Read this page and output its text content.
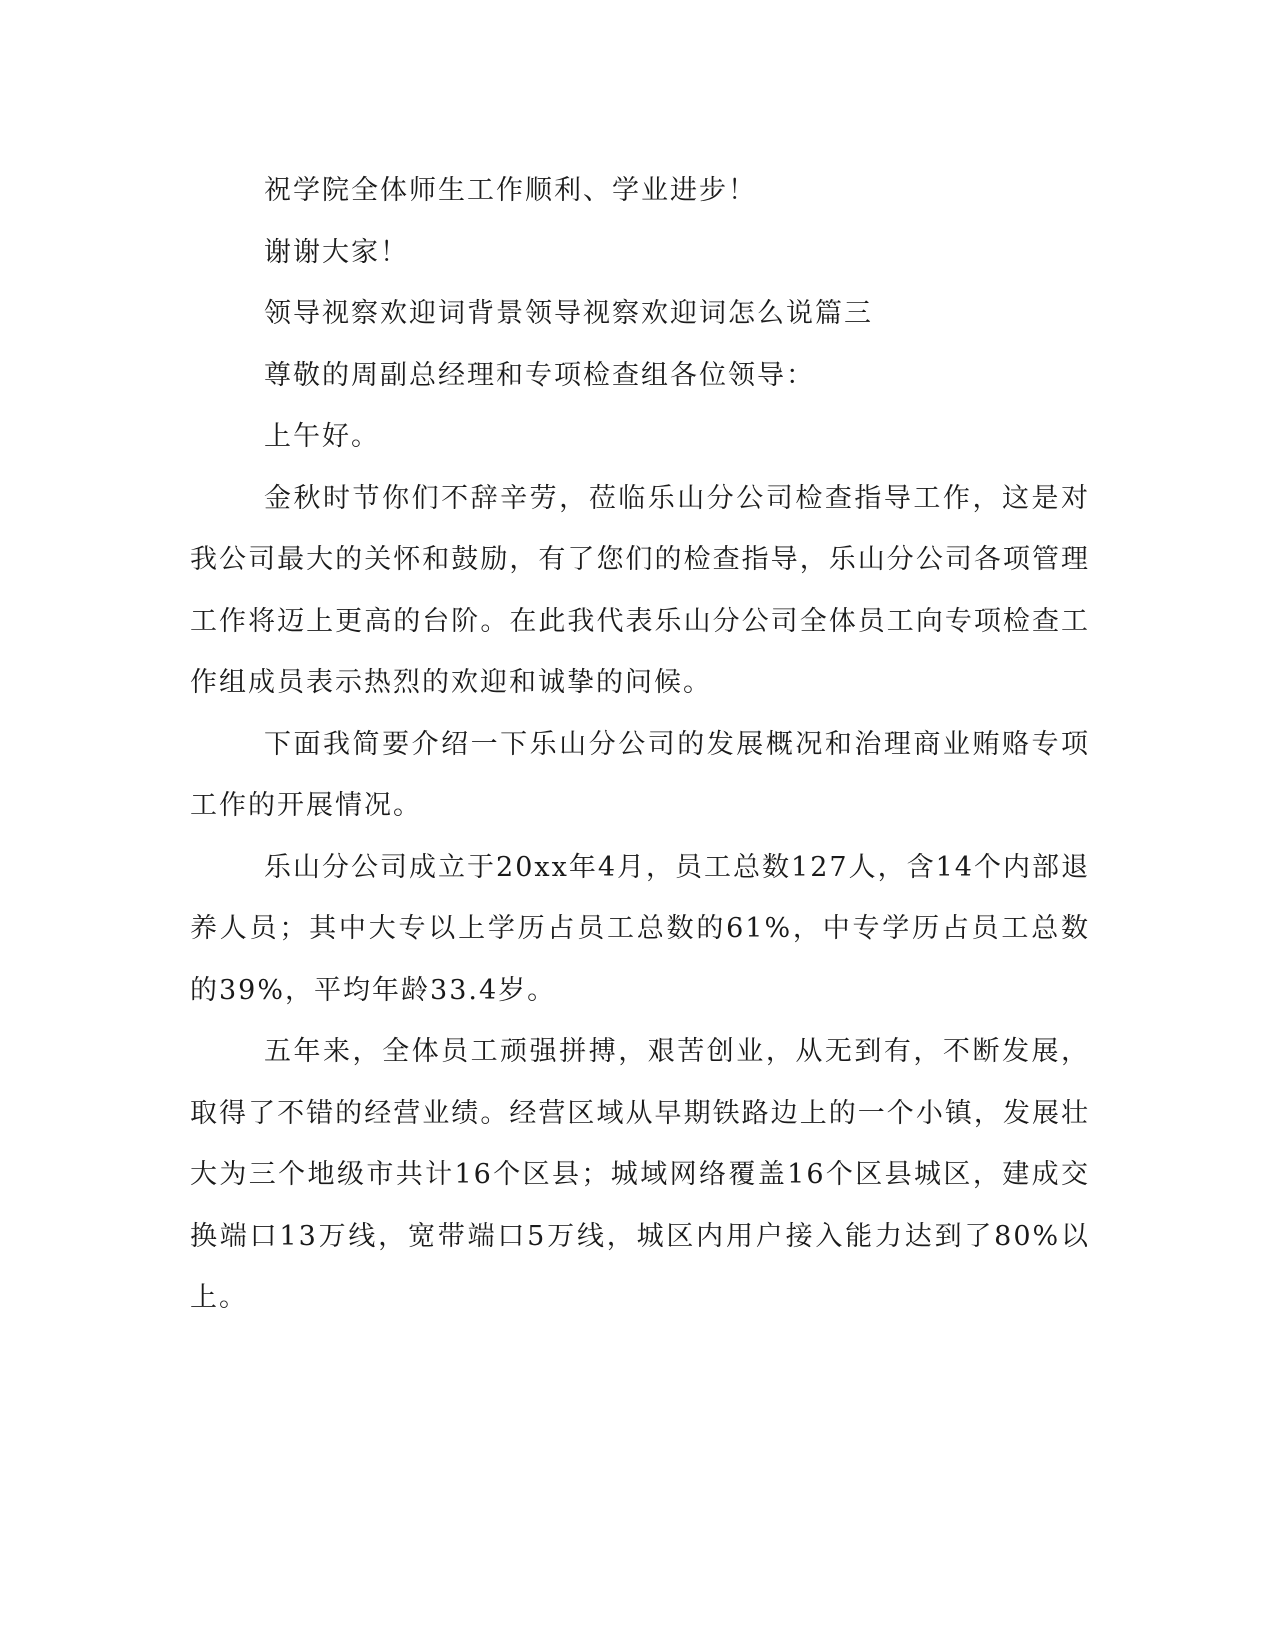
祝学院全体师生工作顺利、学业进步！

谢谢大家！

领导视察欢迎词背景领导视察欢迎词怎么说篇三

尊敬的周副总经理和专项检查组各位领导：

上午好。

金秋时节你们不辞辛劳，莅临乐山分公司检查指导工作，这是对我公司最大的关怀和鼓励，有了您们的检查指导，乐山分公司各项管理工作将迈上更高的台阶。在此我代表乐山分公司全体员工向专项检查工作组成员表示热烈的欢迎和诚挚的问候。

下面我简要介绍一下乐山分公司的发展概况和治理商业贿赂专项工作的开展情况。

乐山分公司成立于20xx年4月，员工总数127人，含14个内部退养人员；其中大专以上学历占员工总数的61%，中专学历占员工总数的39%，平均年龄33.4岁。

五年来，全体员工顽强拼搏，艰苦创业，从无到有，不断发展，取得了不错的经营业绩。经营区域从早期铁路边上的一个小镇，发展壮大为三个地级市共计16个区县；城域网络覆盖16个区县城区，建成交换端口13万线，宽带端口5万线，城区内用户接入能力达到了80%以上。
